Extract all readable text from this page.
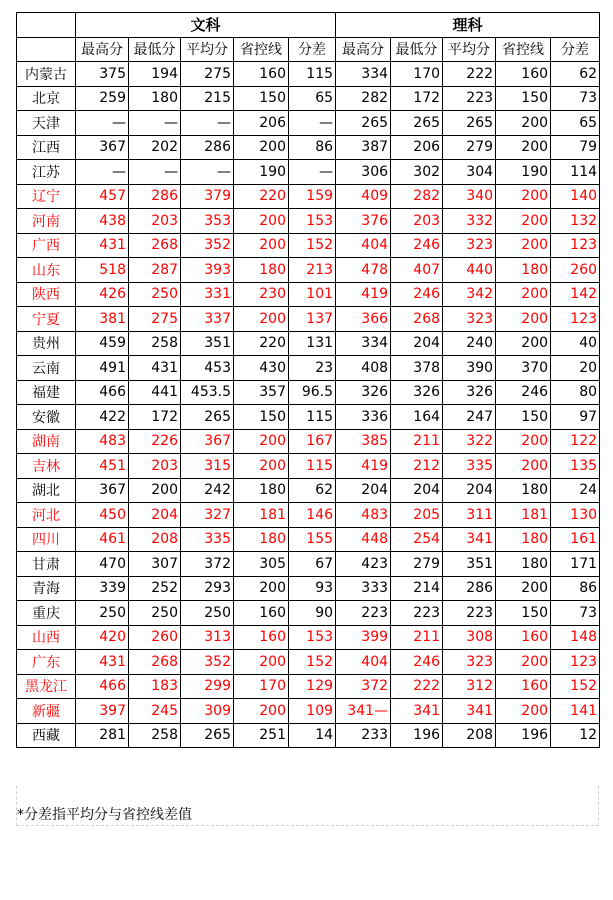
	文科					理科				
	最高分	最低分	平均分	省控线	分差	最高分	最低分	平均分	省控线	分差
内蒙古	375	194	275	160	115	334	170	222	160	62
北京	259	180	215	150	65	282	172	223	150	73
天津	—	—	—	206	—	265	265	265	200	65
江西	367	202	286	200	86	387	206	279	200	79
江苏	—	—	—	190	—	306	302	304	190	114
辽宁	457	286	379	220	159	409	282	340	200	140
河南	438	203	353	200	153	376	203	332	200	132
广西	431	268	352	200	152	404	246	323	200	123
山东	518	287	393	180	213	478	407	440	180	260
陕西	426	250	331	230	101	419	246	342	200	142
宁夏	381	275	337	200	137	366	268	323	200	123
贵州	459	258	351	220	131	334	204	240	200	40
云南	491	431	453	430	23	408	378	390	370	20
福建	466	441	453.5	357	96.5	326	326	326	246	80
安徽	422	172	265	150	115	336	164	247	150	97
湖南	483	226	367	200	167	385	211	322	200	122
吉林	451	203	315	200	115	419	212	335	200	135
湖北	367	200	242	180	62	204	204	204	180	24
河北	450	204	327	181	146	483	205	311	181	130
四川	461	208	335	180	155	448	254	341	180	161
甘肃	470	307	372	305	67	423	279	351	180	171
青海	339	252	293	200	93	333	214	286	200	86
重庆	250	250	250	160	90	223	223	223	150	73
山西	420	260	313	160	153	399	211	308	160	148
广东	431	268	352	200	152	404	246	323	200	123
黑龙江	466	183	299	170	129	372	222	312	160	152
新疆	397	245	309	200	109	341—	341	341	200	141
西藏	281	258	265	251	14	233	196	208	196	12
*分差指平均分与省控线差值
